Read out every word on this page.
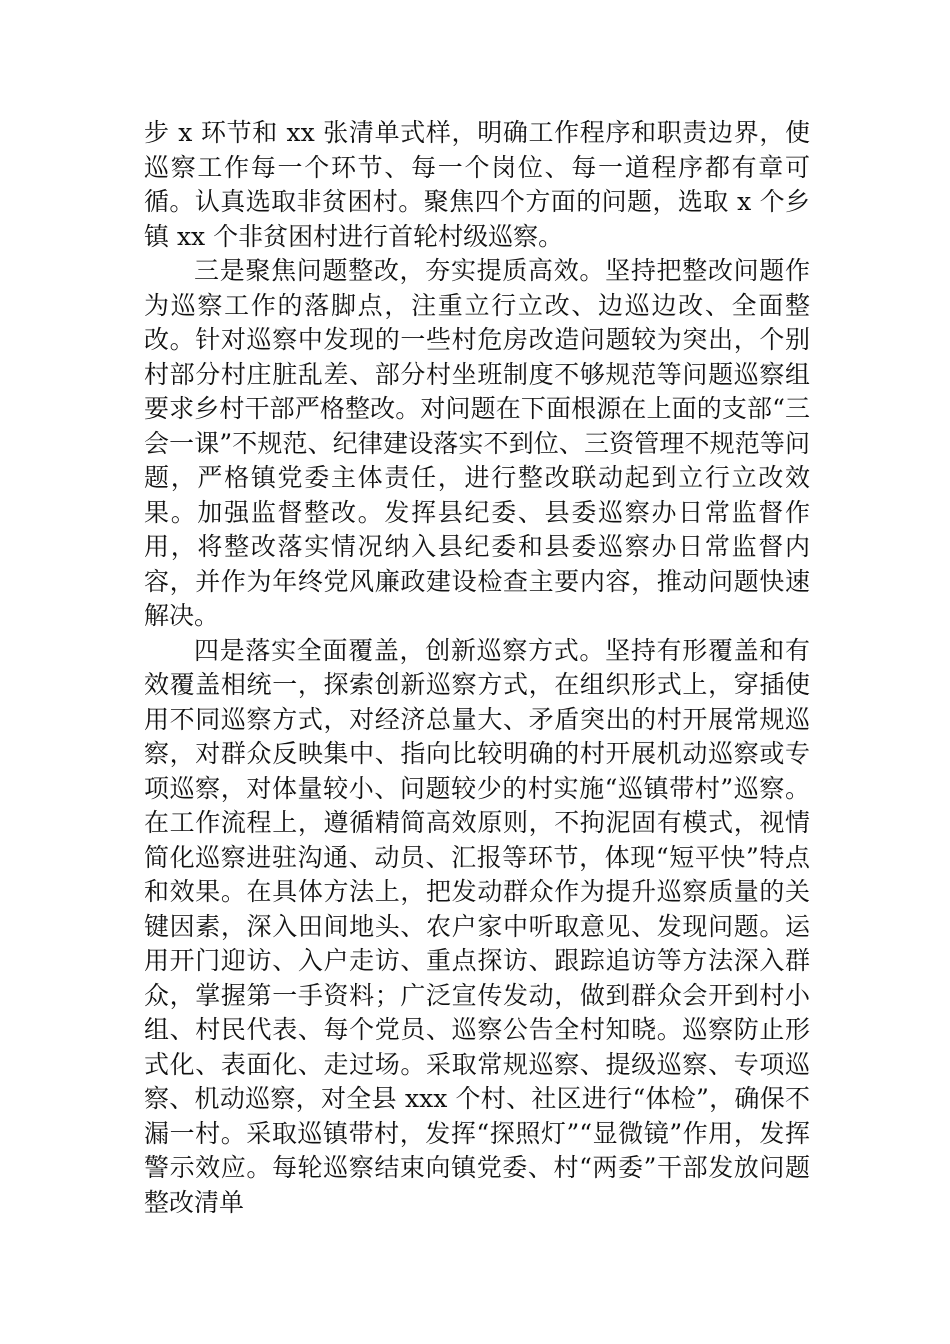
步 x 环节和 xx 张清单式样，明确工作程序和职责边界，使巡察工作每一个环节、每一个岗位、每一道程序都有章可循。认真选取非贫困村。聚焦四个方面的问题，选取 x 个乡镇 xx 个非贫困村进行首轮村级巡察。

三是聚焦问题整改，夯实提质高效。坚持把整改问题作为巡察工作的落脚点，注重立行立改、边巡边改、全面整改。针对巡察中发现的一些村危房改造问题较为突出，个别村部分村庄脏乱差、部分村坐班制度不够规范等问题巡察组要求乡村干部严格整改。对问题在下面根源在上面的支部“三会一课”不规范、纪律建设落实不到位、三资管理不规范等问题，严格镇党委主体责任，进行整改联动起到立行立改效果。加强监督整改。发挥县纪委、县委巡察办日常监督作用，将整改落实情况纳入县纪委和县委巡察办日常监督内容，并作为年终党风廉政建设检查主要内容，推动问题快速解决。

四是落实全面覆盖，创新巡察方式。坚持有形覆盖和有效覆盖相统一，探索创新巡察方式，在组织形式上，穿插使用不同巡察方式，对经济总量大、矛盾突出的村开展常规巡察，对群众反映集中、指向比较明确的村开展机动巡察或专项巡察，对体量较小、问题较少的村实施“巡镇带村”巡察。在工作流程上，遵循精简高效原则，不拘泥固有模式，视情简化巡察进驻沟通、动员、汇报等环节，体现“短平快”特点和效果。在具体方法上，把发动群众作为提升巡察质量的关键因素，深入田间地头、农户家中听取意见、发现问题。运用开门迎访、入户走访、重点探访、跟踪追访等方法深入群众，掌握第一手资料；广泛宣传发动，做到群众会开到村小组、村民代表、每个党员、巡察公告全村知晓。巡察防止形式化、表面化、走过场。采取常规巡察、提级巡察、专项巡察、机动巡察，对全县 xxx 个村、社区进行“体检”，确保不漏一村。采取巡镇带村，发挥“探照灯”“显微镜”作用，发挥警示效应。每轮巡察结束向镇党委、村“两委”干部发放问题整改清单
